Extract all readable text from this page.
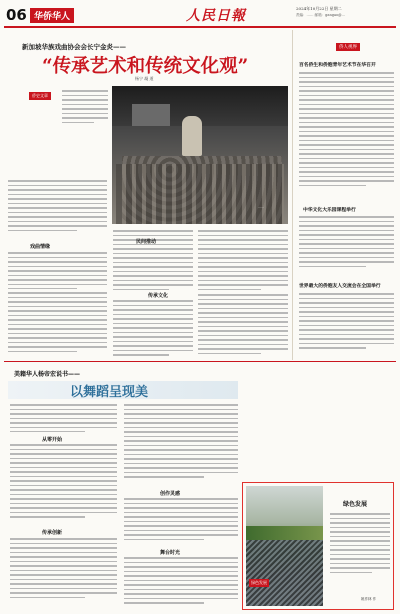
06 华侨华人	人民日報	2024年10月22日 星期二
责编：…… 邮箱：gangao@…
新加坡华族戏曲协会会长宁金炎——
“传承艺术和传统文化观”
杨宁 凝 道
侨史文章
……
戏曲情缘
民间推动
传承文化
侨人视界
百名侨生和侨胞青年艺术节在华召开
中华文化大乐园课程举行
世界最大的侨胞友人交流会在全国举行
美籍华人杨帝宏说书——
以舞蹈呈现美
从零开始
传承创新
创作灵感
舞台时光
绿色发展
绿色发展
姚作林 作
